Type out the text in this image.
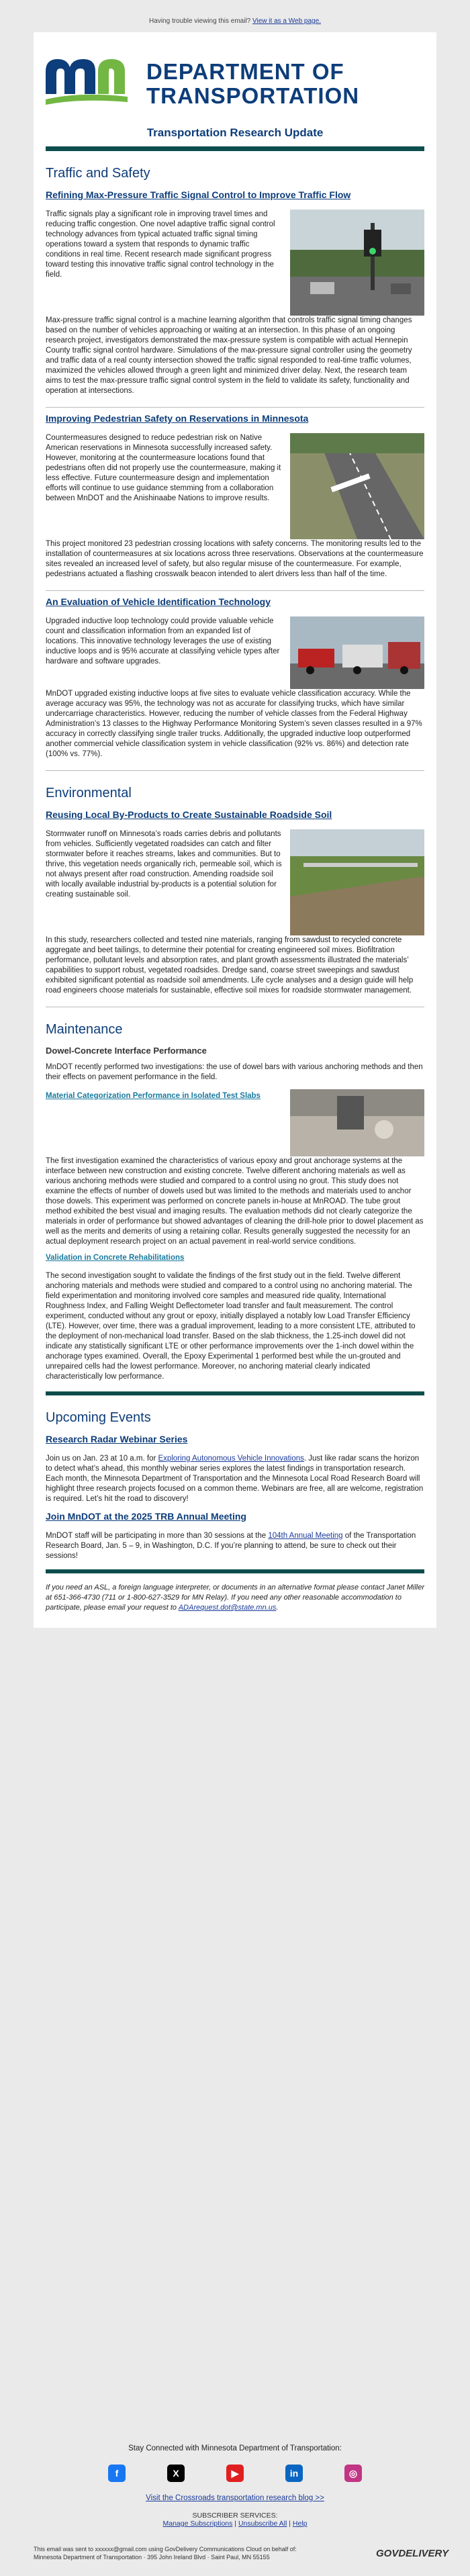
Having trouble viewing this email? View it as a Web page.
DEPARTMENT OF
TRANSPORTATION
Transportation Research Update
Traffic and Safety
Refining Max-Pressure Traffic Signal Control to Improve Traffic Flow

Traffic signals play a significant role in improving travel times and reducing traffic congestion. One novel adaptive traffic signal control technology advances from typical actuated traffic signal timing operations toward a system that responds to dynamic traffic conditions in real time. Recent research made significant progress toward testing this innovative traffic signal control technology in the field.

Max-pressure traffic signal control is a machine learning algorithm that controls traffic signal timing changes based on the number of vehicles approaching or waiting at an intersection. In this phase of an ongoing research project, investigators demonstrated the max-pressure system is compatible with actual Hennepin County traffic signal control hardware. Simulations of the max-pressure signal controller using the geometry and traffic data of a real county intersection showed the traffic signal responded to real-time traffic volumes, maximized the vehicles allowed through a green light and minimized driver delay. Next, the research team aims to test the max-pressure traffic signal control system in the field to validate its safety, functionality and operation at intersections.

Improving Pedestrian Safety on Reservations in Minnesota

Countermeasures designed to reduce pedestrian risk on Native American reservations in Minnesota successfully increased safety. However, monitoring at the countermeasure locations found that pedestrians often did not properly use the countermeasure, making it less effective. Future countermeasure design and implementation efforts will continue to use guidance stemming from a collaboration between MnDOT and the Anishinaabe Nations to improve results.

This project monitored 23 pedestrian crossing locations with safety concerns. The monitoring results led to the installation of countermeasures at six locations across three reservations. Observations at the countermeasure sites revealed an increased level of safety, but also regular misuse of the countermeasure. For example, pedestrians actuated a flashing crosswalk beacon intended to alert drivers less than half of the time.

An Evaluation of Vehicle Identification Technology

Upgraded inductive loop technology could provide valuable vehicle count and classification information from an expanded list of locations. This innovative technology leverages the use of existing inductive loops and is 95% accurate at classifying vehicle types after hardware and software upgrades.

MnDOT upgraded existing inductive loops at five sites to evaluate vehicle classification accuracy. While the average accuracy was 95%, the technology was not as accurate for classifying trucks, which have similar undercarriage characteristics. However, reducing the number of vehicle classes from the Federal Highway Administration’s 13 classes to the Highway Performance Monitoring System’s seven classes resulted in a 97% accuracy in correctly classifying single trailer trucks. Additionally, the upgraded inductive loop outperformed another commercial vehicle classification system in vehicle classification (92% vs. 86%) and detection rate (100% vs. 77%).

Environmental
Reusing Local By-Products to Create Sustainable Roadside Soil

Stormwater runoff on Minnesota’s roads carries debris and pollutants from vehicles. Sufficiently vegetated roadsides can catch and filter stormwater before it reaches streams, lakes and communities. But to thrive, this vegetation needs organically rich, permeable soil, which is not always present after road construction. Amending roadside soil with locally available industrial by-products is a potential solution for creating sustainable soil.

In this study, researchers collected and tested nine materials, ranging from sawdust to recycled concrete aggregate and beet tailings, to determine their potential for creating engineered soil mixes. Biofiltration performance, pollutant levels and absorption rates, and plant growth assessments illustrated the materials’ capabilities to support robust, vegetated roadsides. Dredge sand, coarse street sweepings and sawdust exhibited significant potential as roadside soil amendments. Life cycle analyses and a design guide will help road engineers choose materials for sustainable, effective soil mixes for roadside stormwater management.

Maintenance
Dowel-Concrete Interface Performance

MnDOT recently performed two investigations: the use of dowel bars with various anchoring methods and then their effects on pavement performance in the field.

Material Categorization Performance in Isolated Test Slabs

The first investigation examined the characteristics of various epoxy and grout anchorage systems at the interface between new construction and existing concrete. Twelve different anchoring materials as well as various anchoring methods were studied and compared to a control using no grout. This study does not examine the effects of number of dowels used but was limited to the methods and materials used to anchor those dowels. This experiment was performed on concrete panels in-house at MnROAD. The tube grout method exhibited the best visual and imaging results. The evaluation methods did not clearly categorize the materials in order of performance but showed advantages of cleaning the drill-hole prior to dowel placement as well as the merits and demerits of using a retaining collar. Results generally suggested the necessity for an actual deployment research project on an actual pavement in real-world service conditions.

Validation in Concrete Rehabilitations

The second investigation sought to validate the findings of the first study out in the field. Twelve different anchoring materials and methods were studied and compared to a control using no anchoring material. The field experimentation and monitoring involved core samples and measured ride quality, International Roughness Index, and Falling Weight Deflectometer load transfer and fault measurement. The control experiment, conducted without any grout or epoxy, initially displayed a notably low Load Transfer Efficiency (LTE). However, over time, there was a gradual improvement, leading to a more consistent LTE, attributed to the deployment of non-mechanical load transfer. Based on the slab thickness, the 1.25-inch dowel did not indicate any statistically significant LTE or other performance improvements over the 1-inch dowel within the anchorage types examined. Overall, the Epoxy Experimental 1 performed best while the un-grouted and unrepaired cells had the lowest performance. Moreover, no anchoring material clearly indicated characteristically low performance.

Upcoming Events
Research Radar Webinar Series

Join us on Jan. 23 at 10 a.m. for Exploring Autonomous Vehicle Innovations. Just like radar scans the horizon to detect what’s ahead, this monthly webinar series explores the latest findings in transportation research. Each month, the Minnesota Department of Transportation and the Minnesota Local Road Research Board will highlight three research projects focused on a common theme. Webinars are free, all are welcome, registration is required. Let’s hit the road to discovery!

Join MnDOT at the 2025 TRB Annual Meeting

MnDOT staff will be participating in more than 30 sessions at the 104th Annual Meeting of the Transportation Research Board, Jan. 5 – 9, in Washington, D.C. If you’re planning to attend, be sure to check out their sessions!

If you need an ASL, a foreign language interpreter, or documents in an alternative format please contact Janet Miller at 651-366-4730 (711 or 1-800-627-3529 for MN Relay). If you need any other reasonable accommodation to participate, please email your request to ADArequest.dot@state.mn.us.
Stay Connected with Minnesota Department of Transportation:
f	X	▶	in	◎
Visit the Crossroads transportation research blog >>
SUBSCRIBER SERVICES:
Manage Subscriptions | Unsubscribe All | Help
This email was sent to xxxxxx@gmail.com using GovDelivery Communications Cloud on behalf of: Minnesota Department of Transportation · 395 John Ireland Blvd · Saint Paul, MN 55155	GOVDELIVERY
